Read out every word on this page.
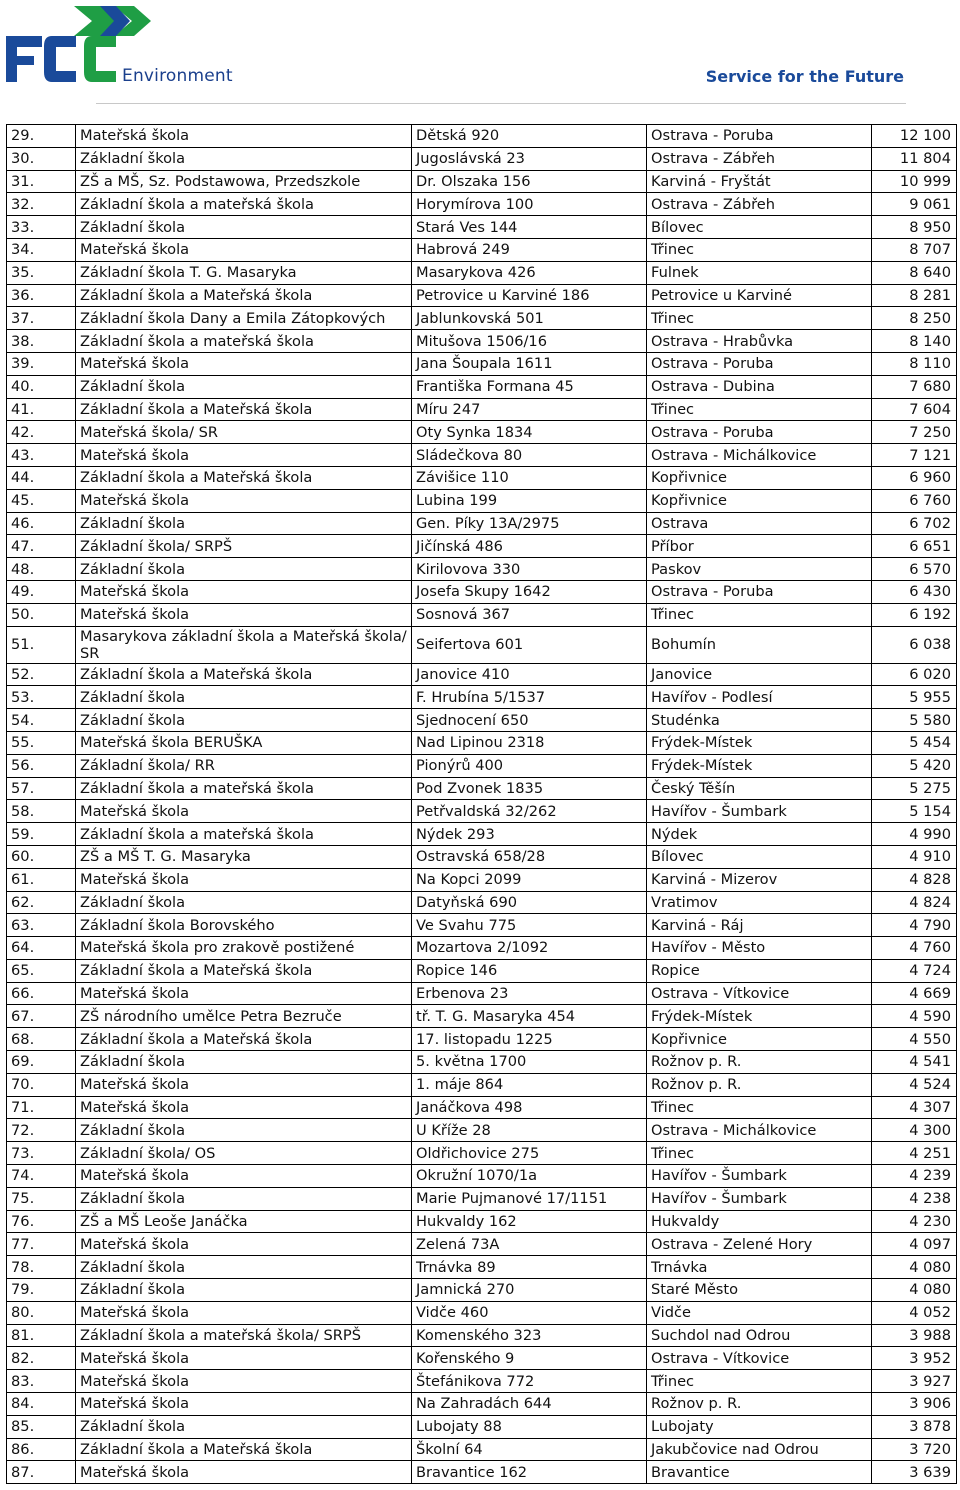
Environment	Service for the Future
29.	Mateřská škola	Dětská 920	Ostrava - Poruba	12 100
30.	Základní škola	Jugoslávská 23	Ostrava - Zábřeh	11 804
31.	ZŠ a MŠ, Sz. Podstawowa, Przedszkole	Dr. Olszaka 156	Karviná - Fryštát	10 999
32.	Základní škola a mateřská škola	Horymírova 100	Ostrava - Zábřeh	9 061
33.	Základní škola	Stará Ves 144	Bílovec	8 950
34.	Mateřská škola	Habrová 249	Třinec	8 707
35.	Základní škola T. G. Masaryka	Masarykova 426	Fulnek	8 640
36.	Základní škola a Mateřská škola	Petrovice u Karviné 186	Petrovice u Karviné	8 281
37.	Základní škola Dany a Emila Zátopkových	Jablunkovská 501	Třinec	8 250
38.	Základní škola a mateřská škola	Mitušova 1506/16	Ostrava - Hrabůvka	8 140
39.	Mateřská škola	Jana Šoupala 1611	Ostrava - Poruba	8 110
40.	Základní škola	Františka Formana 45	Ostrava - Dubina	7 680
41.	Základní škola a Mateřská škola	Míru 247	Třinec	7 604
42.	Mateřská škola/ SR	Oty Synka 1834	Ostrava - Poruba	7 250
43.	Mateřská škola	Sládečkova 80	Ostrava - Michálkovice	7 121
44.	Základní škola a Mateřská škola	Závišice 110	Kopřivnice	6 960
45.	Mateřská škola	Lubina 199	Kopřivnice	6 760
46.	Základní škola	Gen. Píky 13A/2975	Ostrava	6 702
47.	Základní škola/ SRPŠ	Jičínská 486	Příbor	6 651
48.	Základní škola	Kirilovova 330	Paskov	6 570
49.	Mateřská škola	Josefa Skupy 1642	Ostrava - Poruba	6 430
50.	Mateřská škola	Sosnová 367	Třinec	6 192
51.	Masarykova základní škola a Mateřská škola/ SR	Seifertova 601	Bohumín	6 038
52.	Základní škola a Mateřská škola	Janovice 410	Janovice	6 020
53.	Základní škola	F. Hrubína 5/1537	Havířov - Podlesí	5 955
54.	Základní škola	Sjednocení 650	Studénka	5 580
55.	Mateřská škola BERUŠKA	Nad Lipinou 2318	Frýdek-Místek	5 454
56.	Základní škola/ RR	Pionýrů 400	Frýdek-Místek	5 420
57.	Základní škola a mateřská škola	Pod Zvonek 1835	Český Těšín	5 275
58.	Mateřská škola	Petřvaldská 32/262	Havířov - Šumbark	5 154
59.	Základní škola a mateřská škola	Nýdek 293	Nýdek	4 990
60.	ZŠ a MŠ T. G. Masaryka	Ostravská 658/28	Bílovec	4 910
61.	Mateřská škola	Na Kopci 2099	Karviná - Mizerov	4 828
62.	Základní škola	Datyňská 690	Vratimov	4 824
63.	Základní škola Borovského	Ve Svahu 775	Karviná - Ráj	4 790
64.	Mateřská škola pro zrakově postižené	Mozartova 2/1092	Havířov - Město	4 760
65.	Základní škola a Mateřská škola	Ropice 146	Ropice	4 724
66.	Mateřská škola	Erbenova 23	Ostrava - Vítkovice	4 669
67.	ZŠ národního umělce Petra Bezruče	tř. T. G. Masaryka 454	Frýdek-Místek	4 590
68.	Základní škola a Mateřská škola	17. listopadu 1225	Kopřivnice	4 550
69.	Základní škola	5. května 1700	Rožnov p. R.	4 541
70.	Mateřská škola	1. máje 864	Rožnov p. R.	4 524
71.	Mateřská škola	Janáčkova 498	Třinec	4 307
72.	Základní škola	U Kříže 28	Ostrava - Michálkovice	4 300
73.	Základní škola/ OS	Oldřichovice 275	Třinec	4 251
74.	Mateřská škola	Okružní 1070/1a	Havířov - Šumbark	4 239
75.	Základní škola	Marie Pujmanové 17/1151	Havířov - Šumbark	4 238
76.	ZŠ a MŠ Leoše Janáčka	Hukvaldy 162	Hukvaldy	4 230
77.	Mateřská škola	Zelená 73A	Ostrava - Zelené Hory	4 097
78.	Základní škola	Trnávka 89	Trnávka	4 080
79.	Základní škola	Jamnická 270	Staré Město	4 080
80.	Mateřská škola	Vidče 460	Vidče	4 052
81.	Základní škola a mateřská škola/ SRPŠ	Komenského 323	Suchdol nad Odrou	3 988
82.	Mateřská škola	Kořenského 9	Ostrava - Vítkovice	3 952
83.	Mateřská škola	Štefánikova 772	Třinec	3 927
84.	Mateřská škola	Na Zahradách 644	Rožnov p. R.	3 906
85.	Základní škola	Lubojaty 88	Lubojaty	3 878
86.	Základní škola a Mateřská škola	Školní 64	Jakubčovice nad Odrou	3 720
87.	Mateřská škola	Bravantice 162	Bravantice	3 639
